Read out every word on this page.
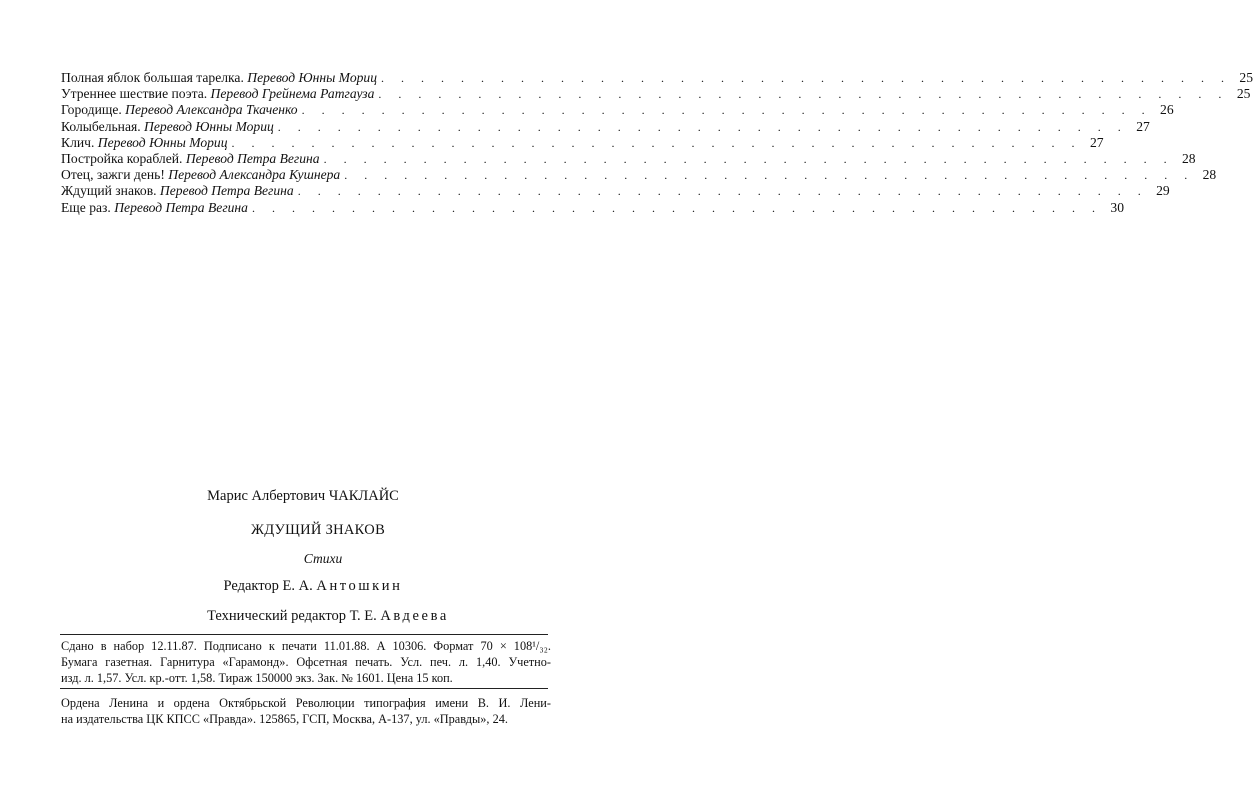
Полная яблок большая тарелка. Перевод Юнны Мориц . . . . . . . . . . . . . . . . . . . . . . . . . . . . . . . . . . . . . . . . . . . 25
Утреннее шествие поэта. Перевод Грейнема Ратгауза . . . . . . . . . . . . . . . . . . . . . . . . . . . . . . . . . . . . . . . . . . . 25
Городище. Перевод Александра Ткаченко . . . . . . . . . . . . . . . . . . . . . . . . . . . . . . . . . . . . . . . . . . . 26
Колыбельная. Перевод Юнны Мориц . . . . . . . . . . . . . . . . . . . . . . . . . . . . . . . . . . . . . . . . . . . 27
Клич. Перевод Юнны Мориц . . . . . . . . . . . . . . . . . . . . . . . . . . . . . . . . . . . . . . . . . . . 27
Постройка кораблей. Перевод Петра Вегина . . . . . . . . . . . . . . . . . . . . . . . . . . . . . . . . . . . . . . . . . . . 28
Отец, зажги день! Перевод Александра Кушнера . . . . . . . . . . . . . . . . . . . . . . . . . . . . . . . . . . . . . . . . . . . 28
Ждущий знаков. Перевод Петра Вегина . . . . . . . . . . . . . . . . . . . . . . . . . . . . . . . . . . . . . . . . . . . 29
Еще раз. Перевод Петра Вегина . . . . . . . . . . . . . . . . . . . . . . . . . . . . . . . . . . . . . . . . . . . 30
Марис Албертович ЧАКЛАЙС
ЖДУЩИЙ ЗНАКОВ
Стихи
Редактор Е. А. Антошкин
Технический редактор Т. Е. Авдеева
Сдано в набор 12.11.87. Подписано к печати 11.01.88. А 10306. Формат 70 × 108¹/₃₂.
Бумага газетная. Гарнитура «Гарамонд». Офсетная печать. Усл. печ. л. 1,40. Учетно-
изд. л. 1,57. Усл. кр.-отт. 1,58. Тираж 150000 экз. Зак. № 1601. Цена 15 коп.
Ордена Ленина и ордена Октябрьской Революции типография имени В. И. Лени-
на издательства ЦК КПСС «Правда». 125865, ГСП, Москва, А-137, ул. «Правды», 24.
